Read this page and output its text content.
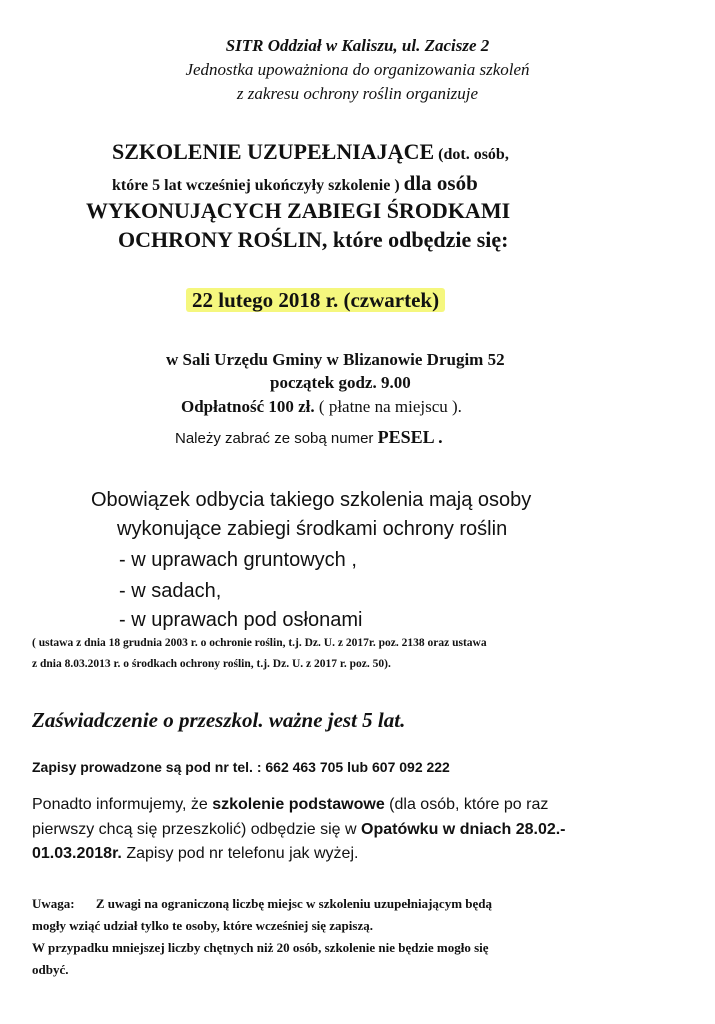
SITR Oddział w Kaliszu, ul. Zacisze 2
Jednostka upoważniona do organizowania szkoleń
z zakresu ochrony roślin organizuje
SZKOLENIE UZUPEŁNIAJĄCE (dot. osób,
które 5 lat wcześniej ukończyły szkolenie ) dla osób
WYKONUJĄCYCH ZABIEGI ŚRODKAMI
OCHRONY ROŚLIN, które odbędzie się:
22 lutego 2018 r. (czwartek)
w Sali Urzędu Gminy w Blizanowie Drugim 52
początek godz. 9.00
Odpłatność 100 zł. ( płatne na miejscu ).
Należy zabrać ze sobą numer PESEL .
Obowiązek odbycia takiego szkolenia mają osoby
wykonujące zabiegi środkami ochrony roślin
- w uprawach gruntowych ,
- w sadach,
- w uprawach pod osłonami
( ustawa z dnia 18 grudnia 2003 r. o ochronie roślin, t.j. Dz. U. z 2017r. poz. 2138 oraz ustawa
z dnia 8.03.2013 r. o środkach ochrony roślin, t.j. Dz. U. z 2017 r. poz. 50).
Zaświadczenie o przeszkol. ważne jest 5 lat.
Zapisy prowadzone są pod nr tel. : 662 463 705 lub 607 092 222
Ponadto informujemy, że szkolenie podstawowe (dla osób, które po raz
pierwszy chcą się przeszkolić) odbędzie się w Opatówku w dniach 28.02.-
01.03.2018r. Zapisy pod nr telefonu jak wyżej.
Uwaga: Z uwagi na ograniczoną liczbę miejsc w szkoleniu uzupełniającym będą
mogły wziąć udział tylko te osoby, które wcześniej się zapiszą.
W przypadku mniejszej liczby chętnych niż 20 osób, szkolenie nie będzie mogło się
odbyć.
